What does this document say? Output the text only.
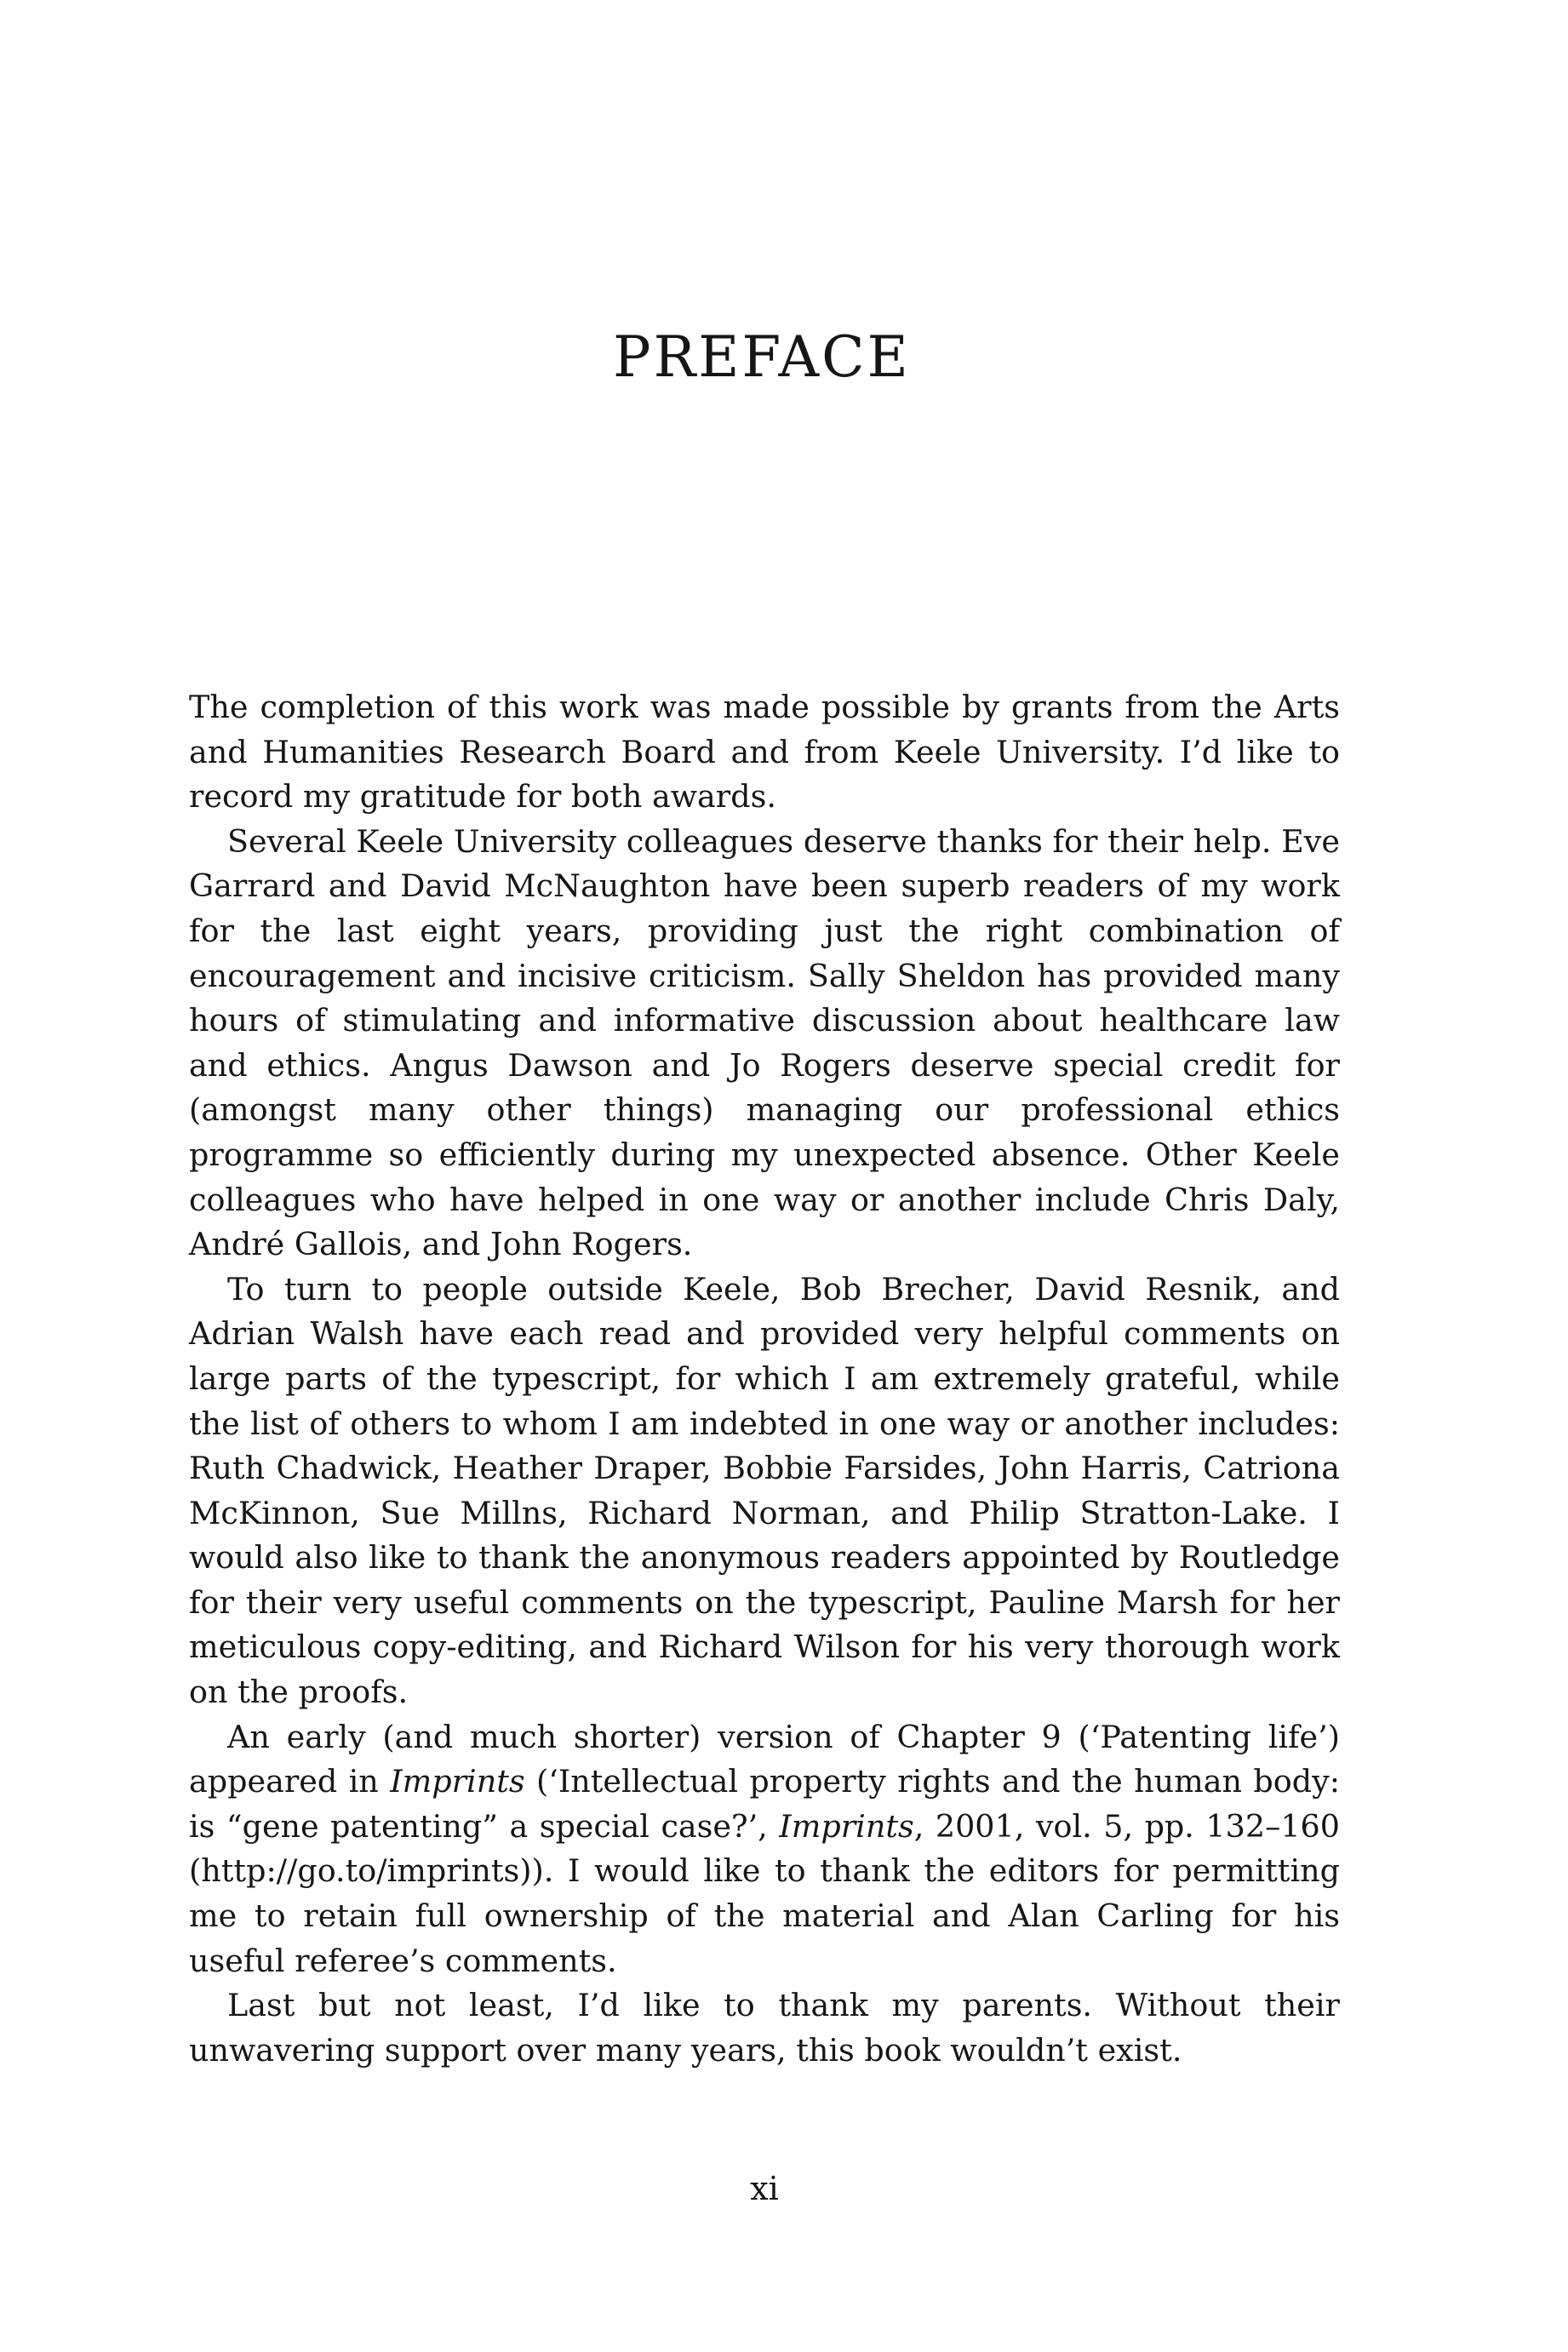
PREFACE

The completion of this work was made possible by grants from the Arts and Humanities Research Board and from Keele University. I’d like to record my gratitude for both awards.

Several Keele University colleagues deserve thanks for their help. Eve Garrard and David McNaughton have been superb readers of my work for the last eight years, providing just the right combination of encouragement and incisive criticism. Sally Sheldon has provided many hours of stimulating and informative discussion about healthcare law and ethics. Angus Dawson and Jo Rogers deserve special credit for (amongst many other things) managing our professional ethics programme so efficiently during my unexpected absence. Other Keele colleagues who have helped in one way or another include Chris Daly, André Gallois, and John Rogers.

To turn to people outside Keele, Bob Brecher, David Resnik, and Adrian Walsh have each read and provided very helpful comments on large parts of the typescript, for which I am extremely grateful, while the list of others to whom I am indebted in one way or another includes: Ruth Chadwick, Heather Draper, Bobbie Farsides, John Harris, Catriona McKinnon, Sue Millns, Richard Norman, and Philip Stratton-Lake. I would also like to thank the anonymous readers appointed by Routledge for their very useful comments on the typescript, Pauline Marsh for her meticulous copy-editing, and Richard Wilson for his very thorough work on the proofs.

An early (and much shorter) version of Chapter 9 (‘Patenting life’) appeared in Imprints (‘Intellectual property rights and the human body: is “gene patenting” a special case?’, Imprints, 2001, vol. 5, pp. 132–160 (http://go.to/imprints)). I would like to thank the editors for permitting me to retain full ownership of the material and Alan Carling for his useful referee’s comments.

Last but not least, I’d like to thank my parents. Without their unwavering support over many years, this book wouldn’t exist.

xi
